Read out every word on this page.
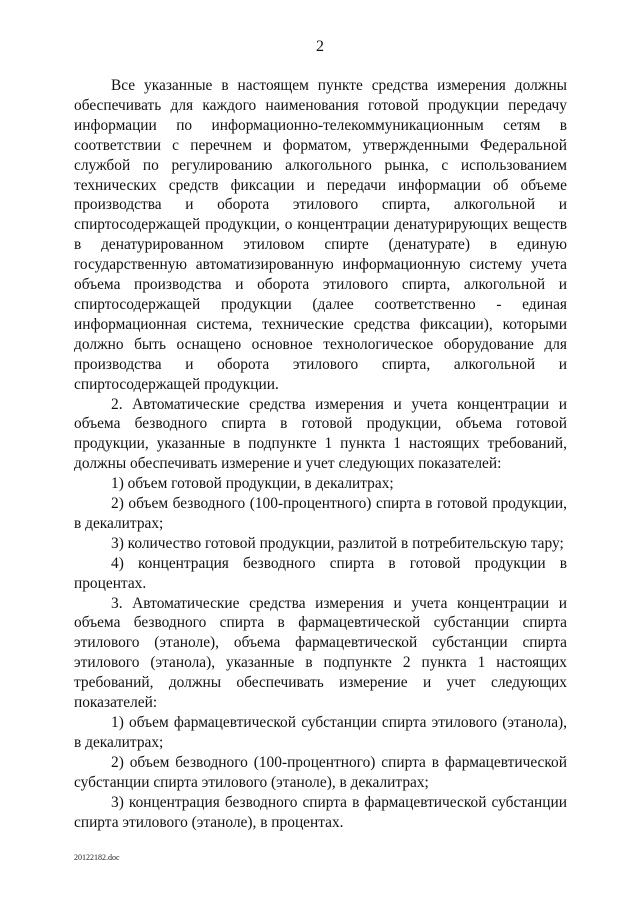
2

Все указанные в настоящем пункте средства измерения должны обеспечивать для каждого наименования готовой продукции передачу информации по информационно-телекоммуникационным сетям в соответствии с перечнем и форматом, утвержденными Федеральной службой по регулированию алкогольного рынка, с использованием технических средств фиксации и передачи информации об объеме производства и оборота этилового спирта, алкогольной и спиртосодержащей продукции, о концентрации денатурирующих веществ в денатурированном этиловом спирте (денатурате) в единую государственную автоматизированную информационную систему учета объема производства и оборота этилового спирта, алкогольной и спиртосодержащей продукции (далее соответственно - единая информационная система, технические средства фиксации), которыми должно быть оснащено основное технологическое оборудование для производства и оборота этилового спирта, алкогольной и спиртосодержащей продукции.

2. Автоматические средства измерения и учета концентрации и объема безводного спирта в готовой продукции, объема готовой продукции, указанные в подпункте 1 пункта 1 настоящих требований, должны обеспечивать измерение и учет следующих показателей:

1) объем готовой продукции, в декалитрах;

2) объем безводного (100-процентного) спирта в готовой продукции, в декалитрах;

3) количество готовой продукции, разлитой в потребительскую тару;

4) концентрация безводного спирта в готовой продукции в процентах.

3. Автоматические средства измерения и учета концентрации и объема безводного спирта в фармацевтической субстанции спирта этилового (этаноле), объема фармацевтической субстанции спирта этилового (этанола), указанные в подпункте 2 пункта 1 настоящих требований, должны обеспечивать измерение и учет следующих показателей:

1) объем фармацевтической субстанции спирта этилового (этанола), в декалитрах;

2) объем безводного (100-процентного) спирта в фармацевтической субстанции спирта этилового (этаноле), в декалитрах;

3) концентрация безводного спирта в фармацевтической субстанции спирта этилового (этаноле), в процентах.

20122182.doc
